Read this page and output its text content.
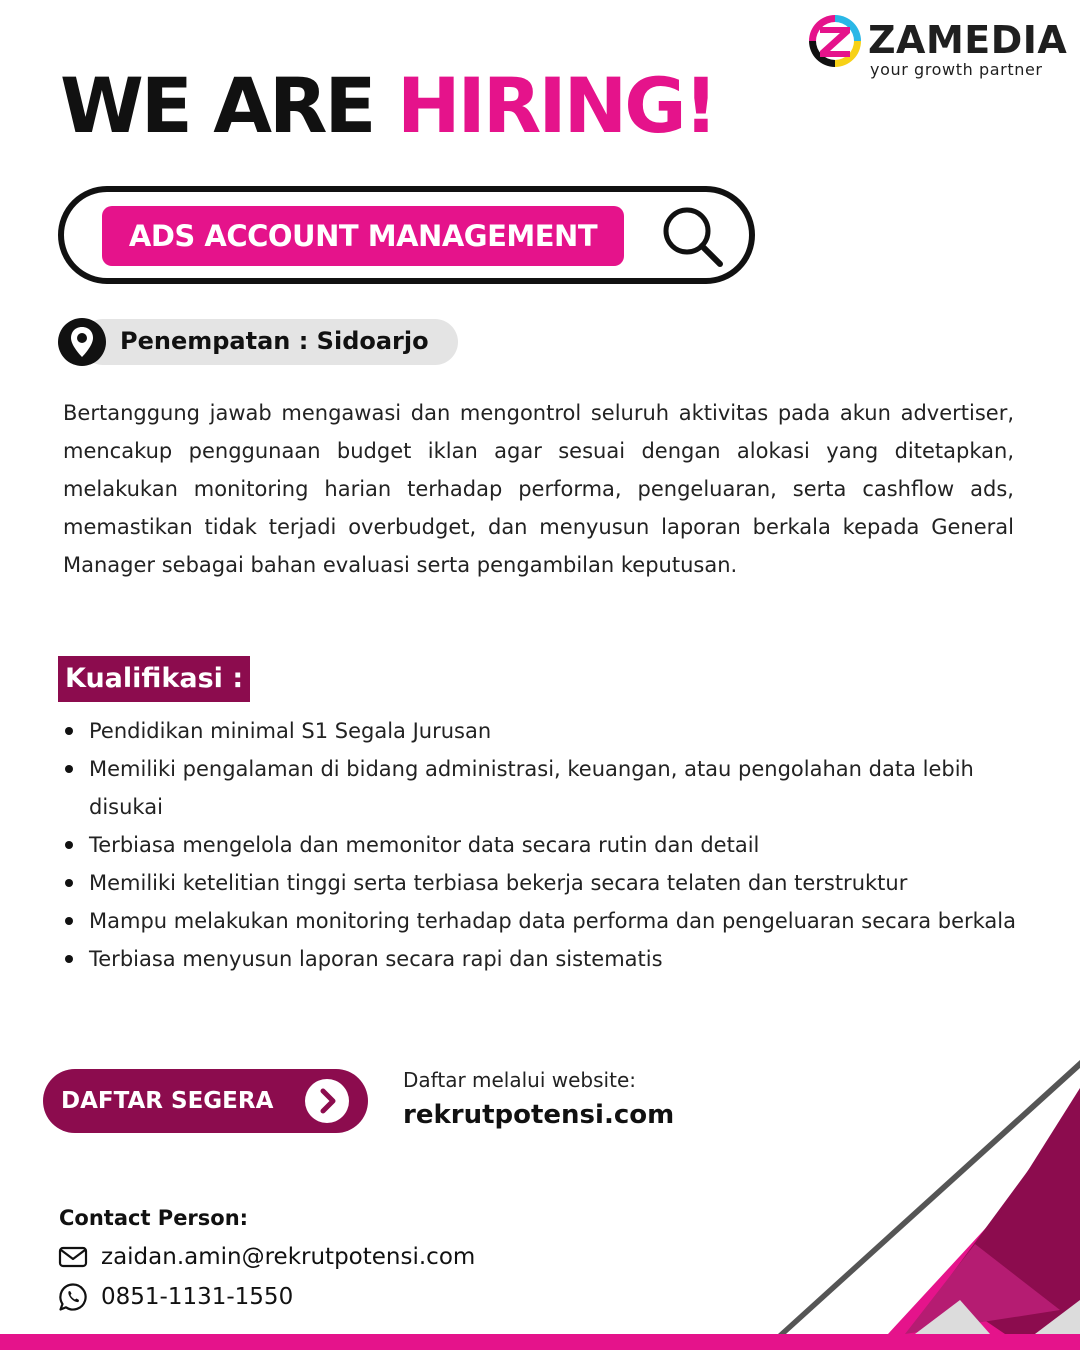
ZAMEDIA
your growth partner
WE ARE HIRING!
ADS ACCOUNT MANAGEMENT
Penempatan : Sidoarjo

Bertanggung jawab mengawasi dan mengontrol seluruh aktivitas pada akun advertiser, mencakup penggunaan budget iklan agar sesuai dengan alokasi yang ditetapkan, melakukan monitoring harian terhadap performa, pengeluaran, serta cashflow ads, memastikan tidak terjadi overbudget, dan menyusun laporan berkala kepada General Manager sebagai bahan evaluasi serta pengambilan keputusan.

Kualifikasi :
Pendidikan minimal S1 Segala Jurusan
Memiliki pengalaman di bidang administrasi, keuangan, atau pengolahan data lebih disukai
Terbiasa mengelola dan memonitor data secara rutin dan detail
Memiliki ketelitian tinggi serta terbiasa bekerja secara telaten dan terstruktur
Mampu melakukan monitoring terhadap data performa dan pengeluaran secara berkala
Terbiasa menyusun laporan secara rapi dan sistematis
DAFTAR SEGERA
Daftar melalui website:
rekrutpotensi.com
Contact Person:
zaidan.amin@rekrutpotensi.com
0851-1131-1550
